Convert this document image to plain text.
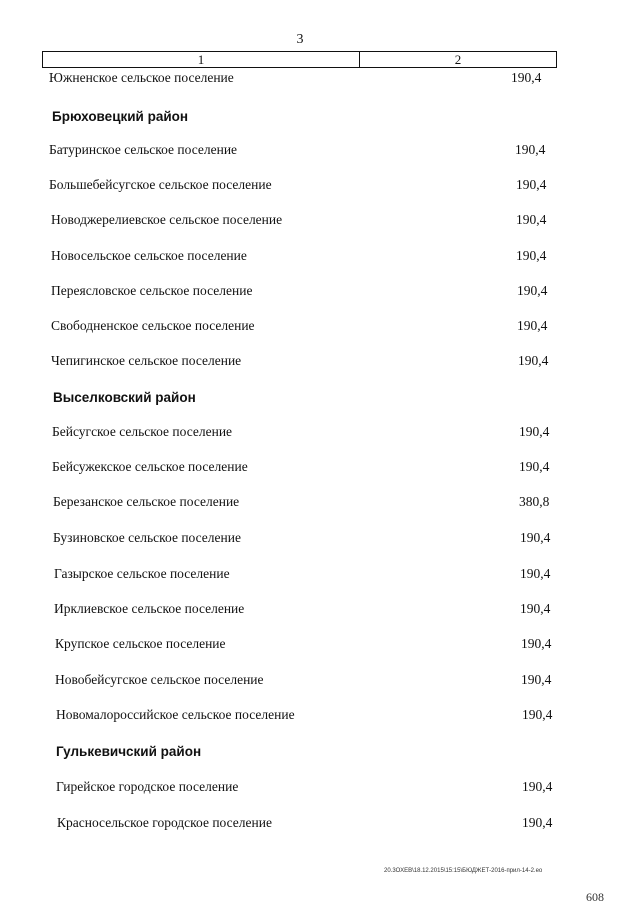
3
1	2
Южненское сельское поселение	190,4
Брюховецкий район
Батуринское сельское поселение	190,4
Большебейсугское сельское поселение	190,4
Новоджерелиевское сельское поселение	190,4
Новосельское сельское поселение	190,4
Переясловское сельское поселение	190,4
Свободненское сельское поселение	190,4
Чепигинское сельское поселение	190,4
Выселковский район
Бейсугское сельское поселение	190,4
Бейсужекское сельское поселение	190,4
Березанское сельское поселение	380,8
Бузиновское сельское поселение	190,4
Газырское сельское поселение	190,4
Ирклиевское сельское поселение	190,4
Крупское сельское поселение	190,4
Новобейсугское сельское поселение	190,4
Новомалороссийское сельское поселение	190,4
Гулькевичский район
Гирейское городское поселение	190,4
Красносельское городское поселение	190,4
20.3ОХЕВ\18.12.2015\15:15\БЮДЖЕТ-2016-прил-14-2.ео
608
